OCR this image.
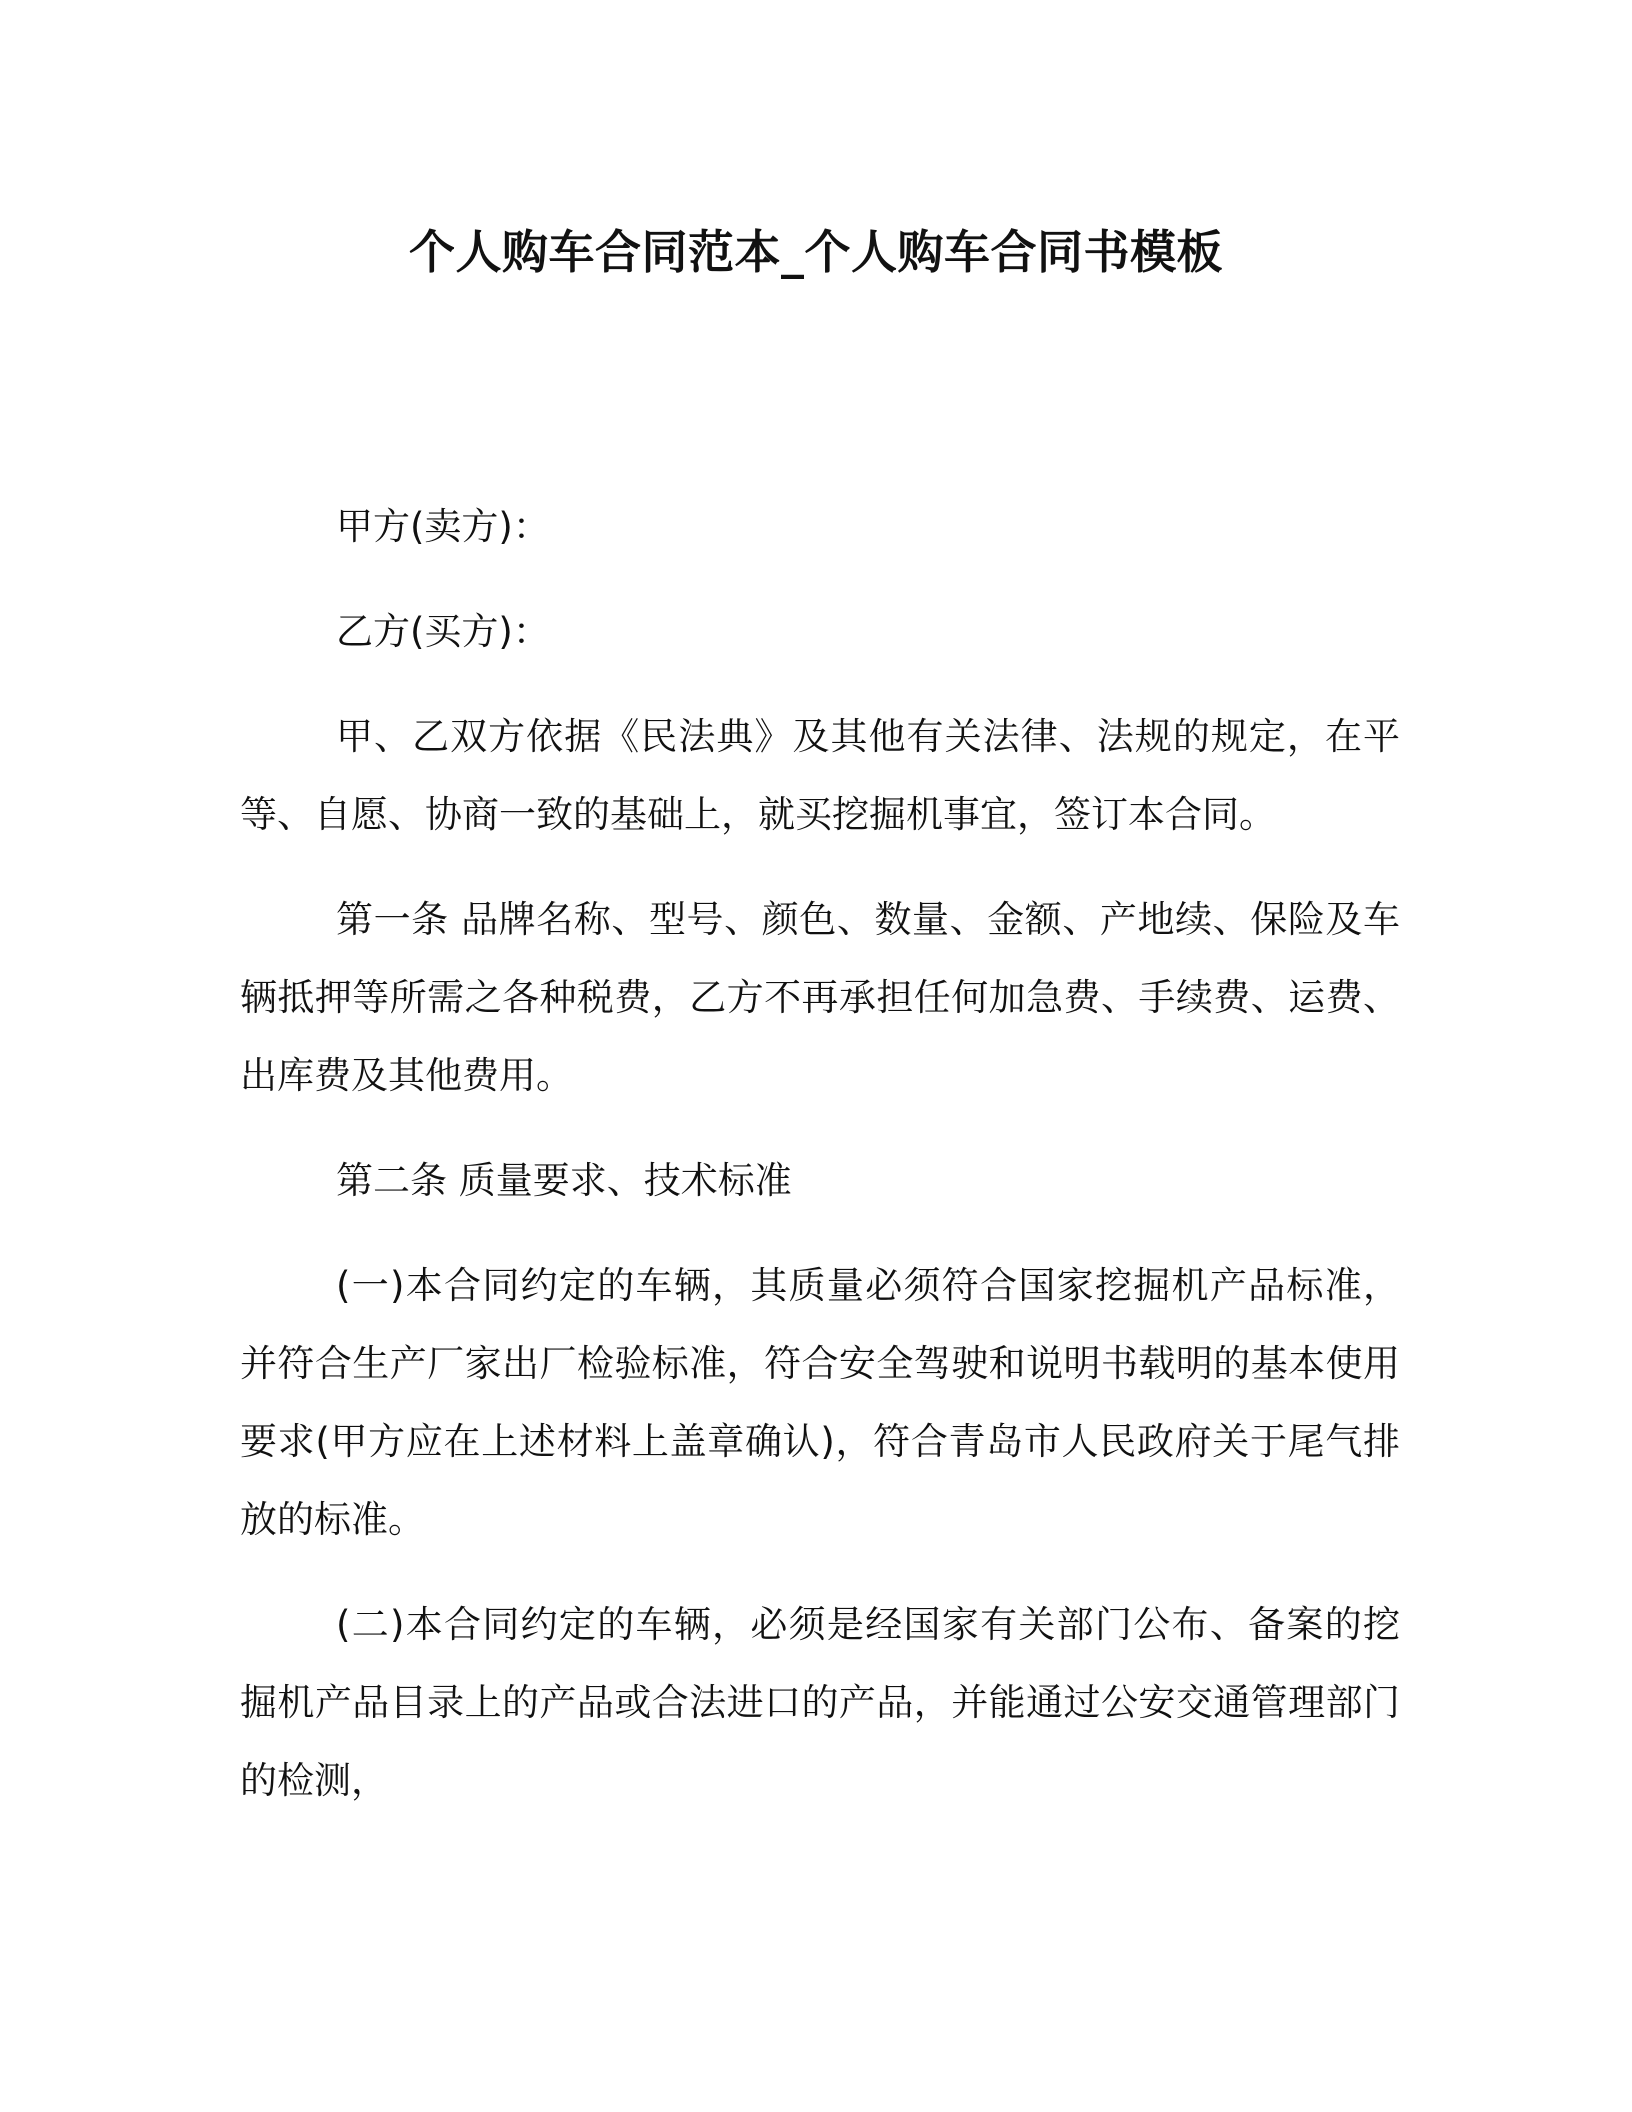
个人购车合同范本_个人购车合同书模板

甲方(卖方)：

乙方(买方)：

甲、乙双方依据《民法典》及其他有关法律、法规的规定，在平等、自愿、协商一致的基础上，就买挖掘机事宜，签订本合同。

第一条 品牌名称、型号、颜色、数量、金额、产地续、保险及车辆抵押等所需之各种税费，乙方不再承担任何加急费、手续费、运费、出库费及其他费用。

第二条 质量要求、技术标准

(一)本合同约定的车辆，其质量必须符合国家挖掘机产品标准，并符合生产厂家出厂检验标准，符合安全驾驶和说明书载明的基本使用要求(甲方应在上述材料上盖章确认)，符合青岛市人民政府关于尾气排放的标准。

(二)本合同约定的车辆，必须是经国家有关部门公布、备案的挖掘机产品目录上的产品或合法进口的产品，并能通过公安交通管理部门的检测，
